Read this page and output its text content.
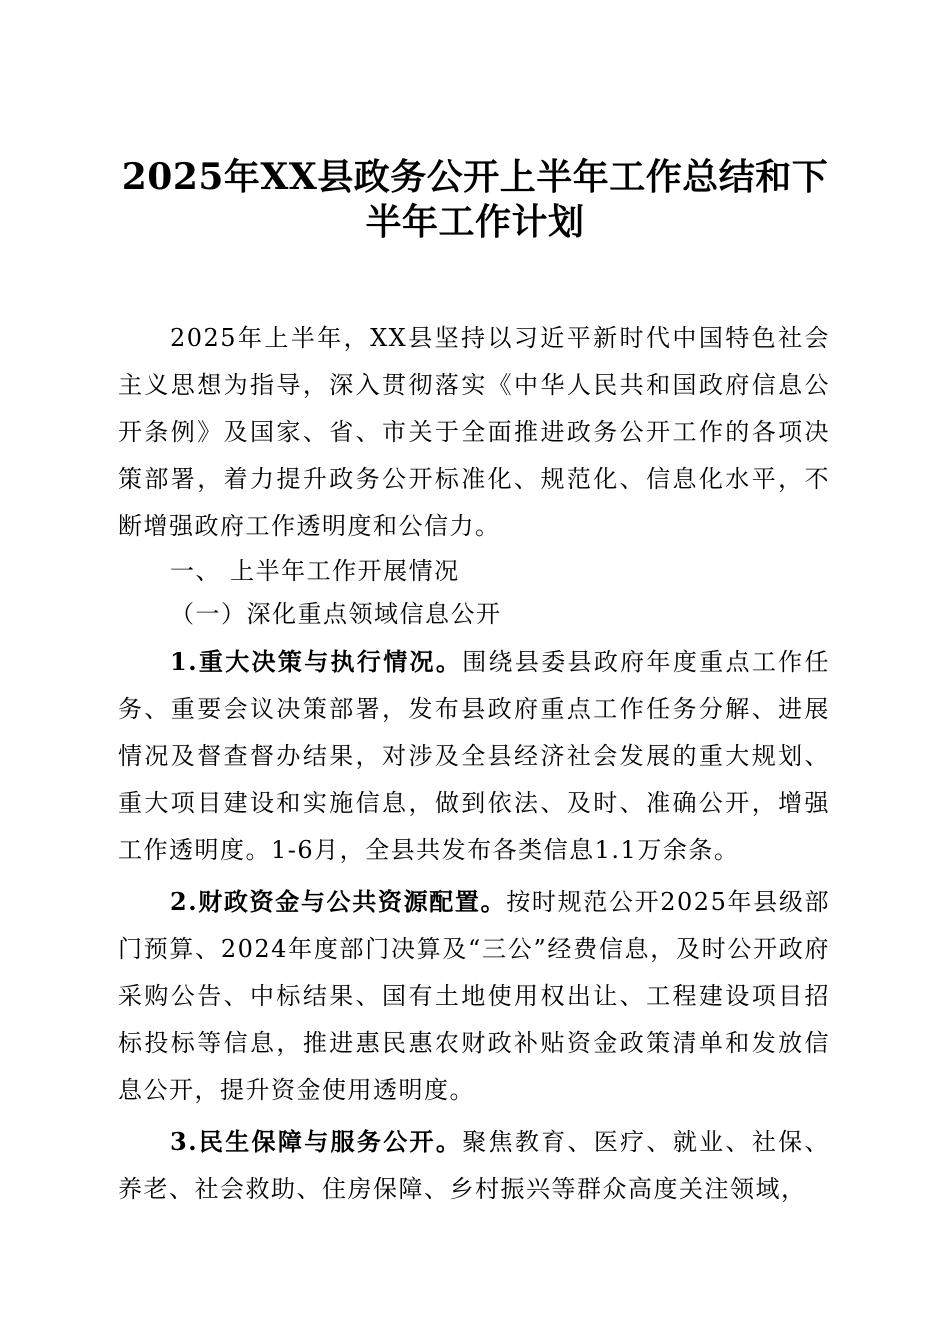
2025年XX县政务公开上半年工作总结和下半年工作计划

2025年上半年，XX县坚持以习近平新时代中国特色社会主义思想为指导，深入贯彻落实《中华人民共和国政府信息公开条例》及国家、省、市关于全面推进政务公开工作的各项决策部署，着力提升政务公开标准化、规范化、信息化水平，不断增强政府工作透明度和公信力。

一、 上半年工作开展情况

（一）深化重点领域信息公开

1.重大决策与执行情况。围绕县委县政府年度重点工作任务、重要会议决策部署，发布县政府重点工作任务分解、进展情况及督查督办结果，对涉及全县经济社会发展的重大规划、重大项目建设和实施信息，做到依法、及时、准确公开，增强工作透明度。1-6月，全县共发布各类信息1.1万余条。

2.财政资金与公共资源配置。按时规范公开2025年县级部门预算、2024年度部门决算及“三公”经费信息，及时公开政府采购公告、中标结果、国有土地使用权出让、工程建设项目招标投标等信息，推进惠民惠农财政补贴资金政策清单和发放信息公开，提升资金使用透明度。

3.民生保障与服务公开。聚焦教育、医疗、就业、社保、养老、社会救助、住房保障、乡村振兴等群众高度关注领域，
